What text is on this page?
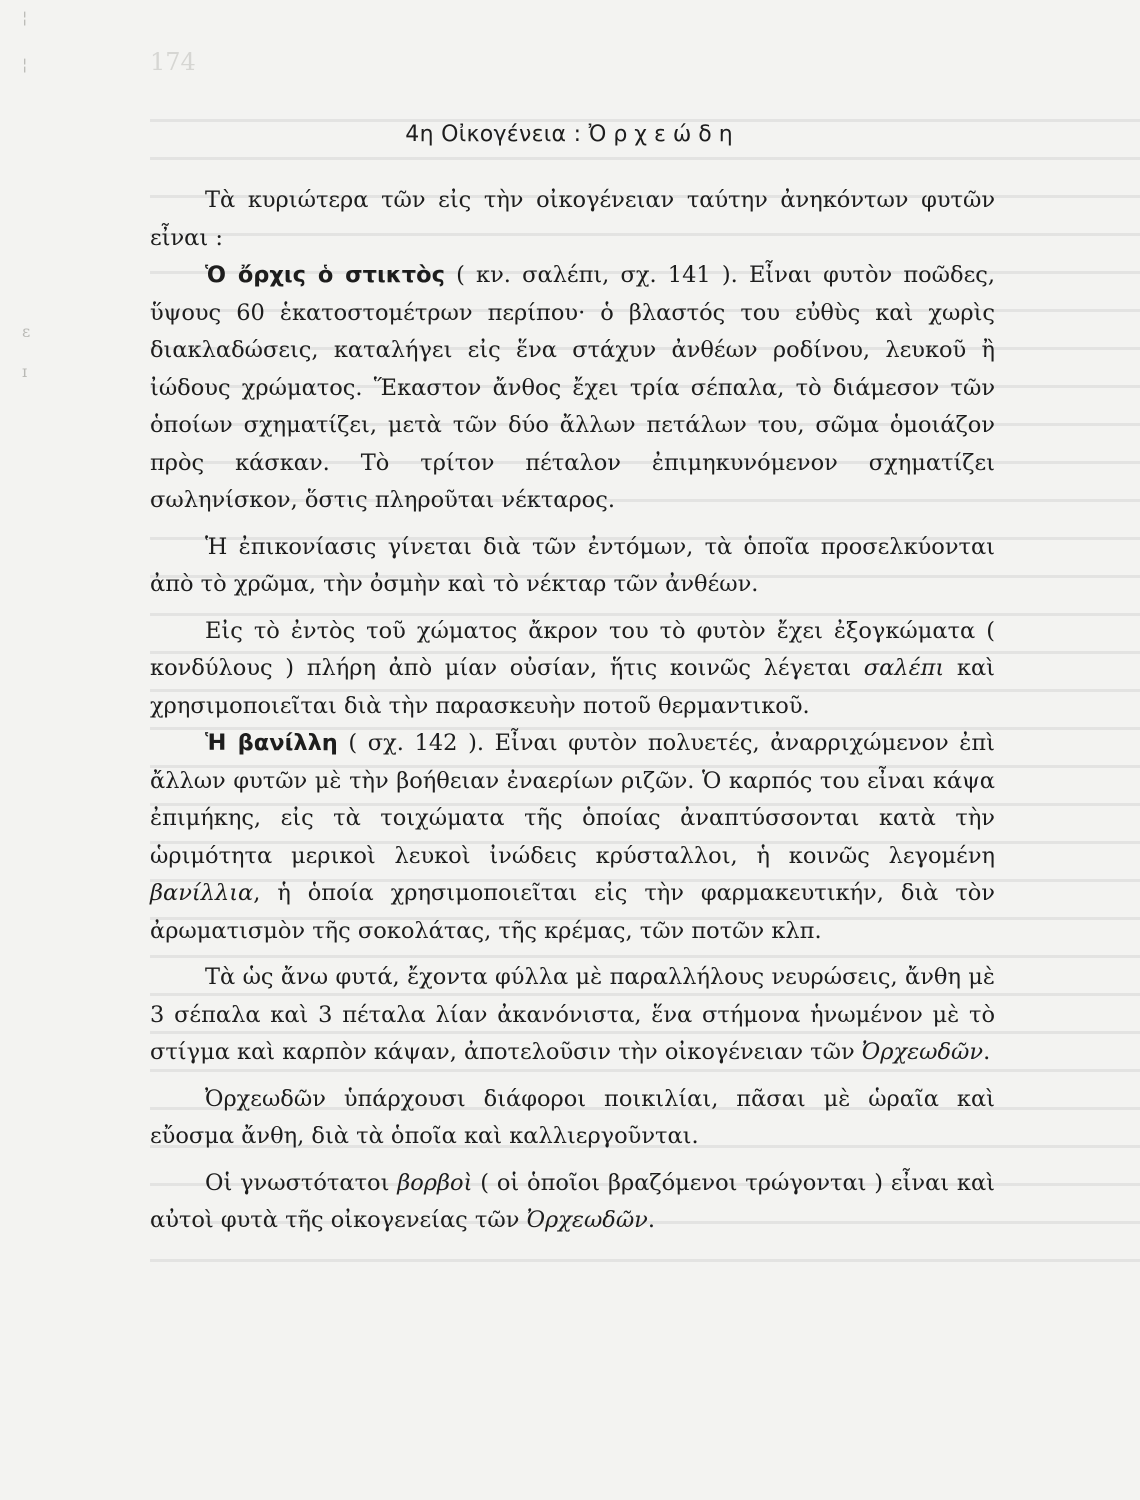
174
¦
¦
ɛ
ɪ
4η Οἰκογένεια : Ὀρχεώδη

Τὰ κυριώτερα τῶν εἰς τὴν οἰκογένειαν ταύτην ἀνηκόντων φυτῶν εἶναι :

Ὁ ὄρχις ὁ στικτὸς ( κν. σαλέπι, σχ. 141 ). Εἶναι φυτὸν ποῶδες, ὕψους 60 ἑκατοστομέτρων περίπου· ὁ βλαστός του εὐθὺς καὶ χωρὶς διακλαδώσεις, καταλήγει εἰς ἕνα στάχυν ἀνθέων ροδίνου, λευκοῦ ἢ ἰώδους χρώματος. Ἕκαστον ἄνθος ἔχει τρία σέπαλα, τὸ διάμεσον τῶν ὁποίων σχηματίζει, μετὰ τῶν δύο ἄλλων πετάλων του, σῶμα ὁμοιάζον πρὸς κάσκαν. Τὸ τρίτον πέταλον ἐπιμηκυνόμενον σχηματίζει σωληνίσκον, ὅστις πληροῦται νέκταρος.

Ἡ ἐπικονίασις γίνεται διὰ τῶν ἐντόμων, τὰ ὁποῖα προσελκύονται ἀπὸ τὸ χρῶμα, τὴν ὀσμὴν καὶ τὸ νέκταρ τῶν ἀνθέων.

Εἰς τὸ ἐντὸς τοῦ χώματος ἄκρον του τὸ φυτὸν ἔχει ἐξογκώματα ( κονδύλους ) πλήρη ἀπὸ μίαν οὐσίαν, ἥτις κοινῶς λέγεται σαλέπι καὶ χρησιμοποιεῖται διὰ τὴν παρασκευὴν ποτοῦ θερμαντικοῦ.

Ἡ βανίλλη ( σχ. 142 ). Εἶναι φυτὸν πολυετές, ἀναρριχώμενον ἐπὶ ἄλλων φυτῶν μὲ τὴν βοήθειαν ἐναερίων ριζῶν. Ὁ καρπός του εἶναι κάψα ἐπιμήκης, εἰς τὰ τοιχώματα τῆς ὁποίας ἀναπτύσσονται κατὰ τὴν ὡριμότητα μερικοὶ λευκοὶ ἰνώδεις κρύσταλλοι, ἡ κοινῶς λεγομένη βανίλλια, ἡ ὁποία χρησιμοποιεῖται εἰς τὴν φαρμακευτικήν, διὰ τὸν ἀρωματισμὸν τῆς σοκολάτας, τῆς κρέμας, τῶν ποτῶν κλπ.

Τὰ ὡς ἄνω φυτά, ἔχοντα φύλλα μὲ παραλλήλους νευρώσεις, ἄνθη μὲ 3 σέπαλα καὶ 3 πέταλα λίαν ἀκανόνιστα, ἕνα στήμονα ἡνωμένον μὲ τὸ στίγμα καὶ καρπὸν κάψαν, ἀποτελοῦσιν τὴν οἰκογένειαν τῶν Ὀρχεωδῶν.

Ὀρχεωδῶν ὑπάρχουσι διάφοροι ποικιλίαι, πᾶσαι μὲ ὡραῖα καὶ εὔοσμα ἄνθη, διὰ τὰ ὁποῖα καὶ καλλιεργοῦνται.

Οἱ γνωστότατοι βορβοὶ ( οἱ ὁποῖοι βραζόμενοι τρώγονται ) εἶναι καὶ αὐτοὶ φυτὰ τῆς οἰκογενείας τῶν Ὀρχεωδῶν.
